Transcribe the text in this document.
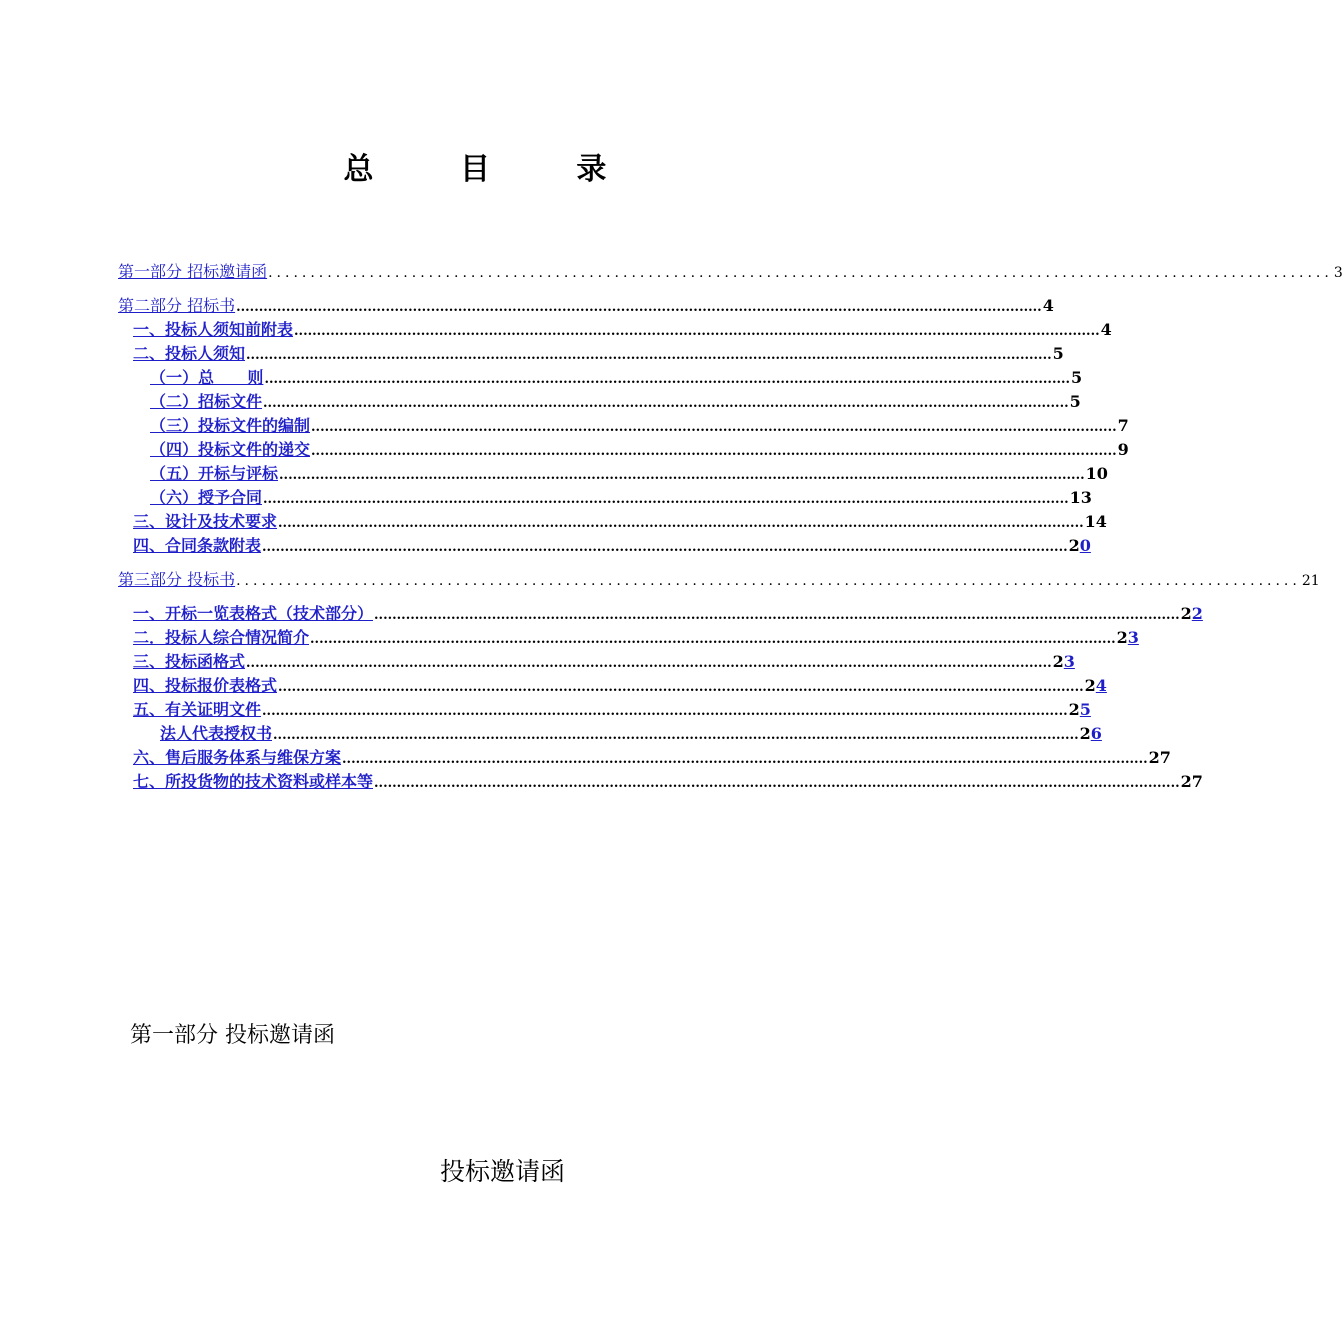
总 目 录
第一部分 招标邀请函 .............................................................................................................................. 3
第二部分 招标书 .................................................................................................................................................................................. 4
一、投标人须知前附表 .................................................................................................................................................................................. 4
二、投标人须知 .................................................................................................................................................................................. 5
（一）总      则 .................................................................................................................................................................................. 5
（二）招标文件 .................................................................................................................................................................................. 5
（三）投标文件的编制 .................................................................................................................................................................................. 7
（四）投标文件的递交 .................................................................................................................................................................................. 9
（五）开标与评标 .................................................................................................................................................................................. 10
（六）授予合同 .................................................................................................................................................................................. 13
三、设计及技术要求 .................................................................................................................................................................................. 14
四、合同条款附表 .................................................................................................................................................................................. 20
第三部分 投标书 .............................................................................................................................. 21
一、开标一览表格式（技术部分） .................................................................................................................................................................................. 22
二．投标人综合情况简介 .................................................................................................................................................................................. 23
三、投标函格式 .................................................................................................................................................................................. 23
四、投标报价表格式 .................................................................................................................................................................................. 24
五、有关证明文件 .................................................................................................................................................................................. 25
法人代表授权书 .................................................................................................................................................................................. 26
六、售后服务体系与维保方案 .................................................................................................................................................................................. 27
七、所投货物的技术资料或样本等 .................................................................................................................................................................................. 27
第一部分 投标邀请函
投标邀请函
